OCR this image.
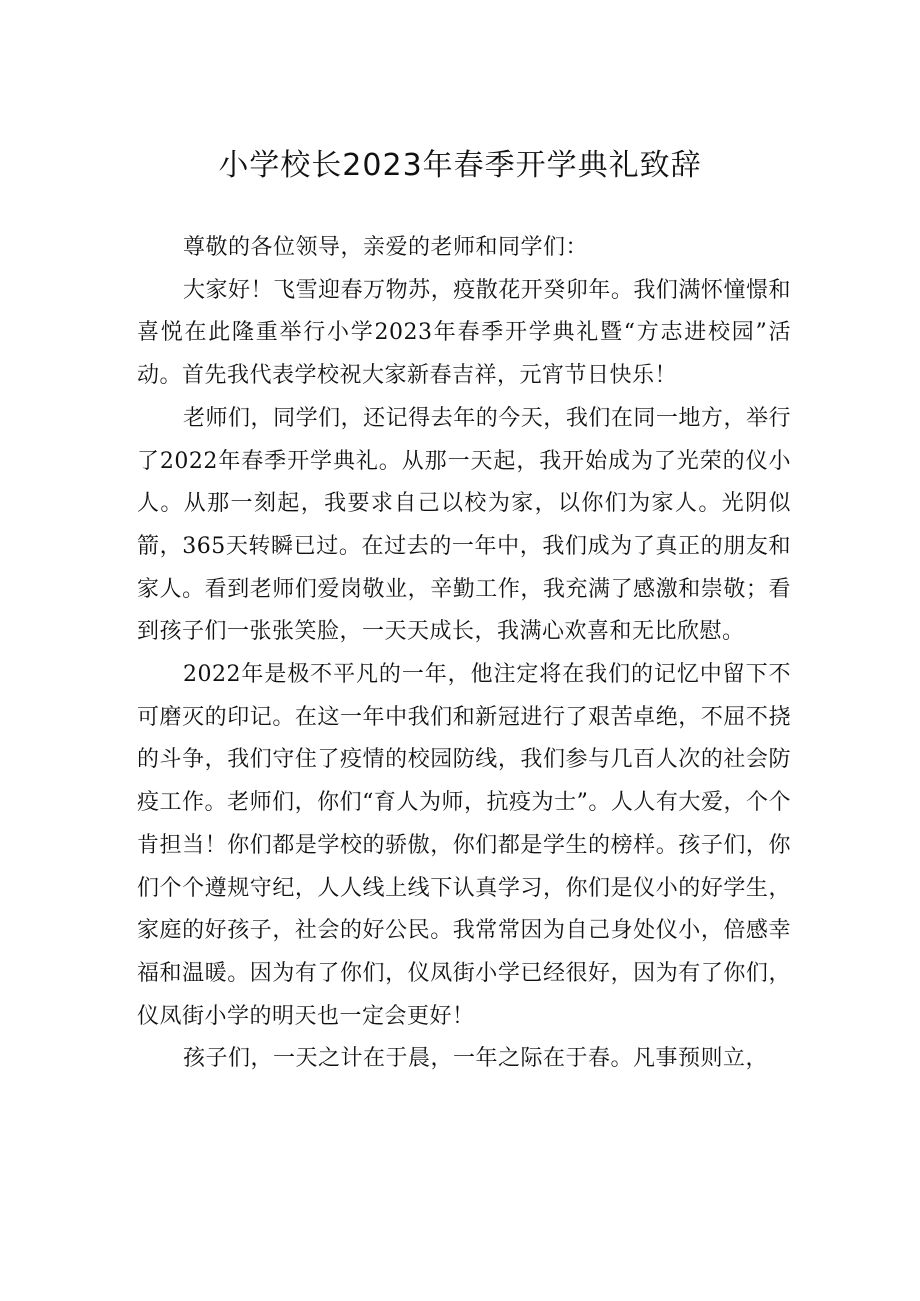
小学校长2023年春季开学典礼致辞

尊敬的各位领导，亲爱的老师和同学们：

大家好！飞雪迎春万物苏，疫散花开癸卯年。我们满怀憧憬和喜悦在此隆重举行小学2023年春季开学典礼暨“方志进校园”活动。首先我代表学校祝大家新春吉祥，元宵节日快乐！

老师们，同学们，还记得去年的今天，我们在同一地方，举行了2022年春季开学典礼。从那一天起，我开始成为了光荣的仪小人。从那一刻起，我要求自己以校为家，以你们为家人。光阴似箭，365天转瞬已过。在过去的一年中，我们成为了真正的朋友和家人。看到老师们爱岗敬业，辛勤工作，我充满了感激和崇敬；看到孩子们一张张笑脸，一天天成长，我满心欢喜和无比欣慰。

2022年是极不平凡的一年，他注定将在我们的记忆中留下不可磨灭的印记。在这一年中我们和新冠进行了艰苦卓绝，不屈不挠的斗争，我们守住了疫情的校园防线，我们参与几百人次的社会防疫工作。老师们，你们“育人为师，抗疫为士”。人人有大爱，个个肯担当！你们都是学校的骄傲，你们都是学生的榜样。孩子们，你们个个遵规守纪，人人线上线下认真学习，你们是仪小的好学生，家庭的好孩子，社会的好公民。我常常因为自己身处仪小，倍感幸福和温暖。因为有了你们，仪凤街小学已经很好，因为有了你们，仪凤街小学的明天也一定会更好！

孩子们，一天之计在于晨，一年之际在于春。凡事预则立，
